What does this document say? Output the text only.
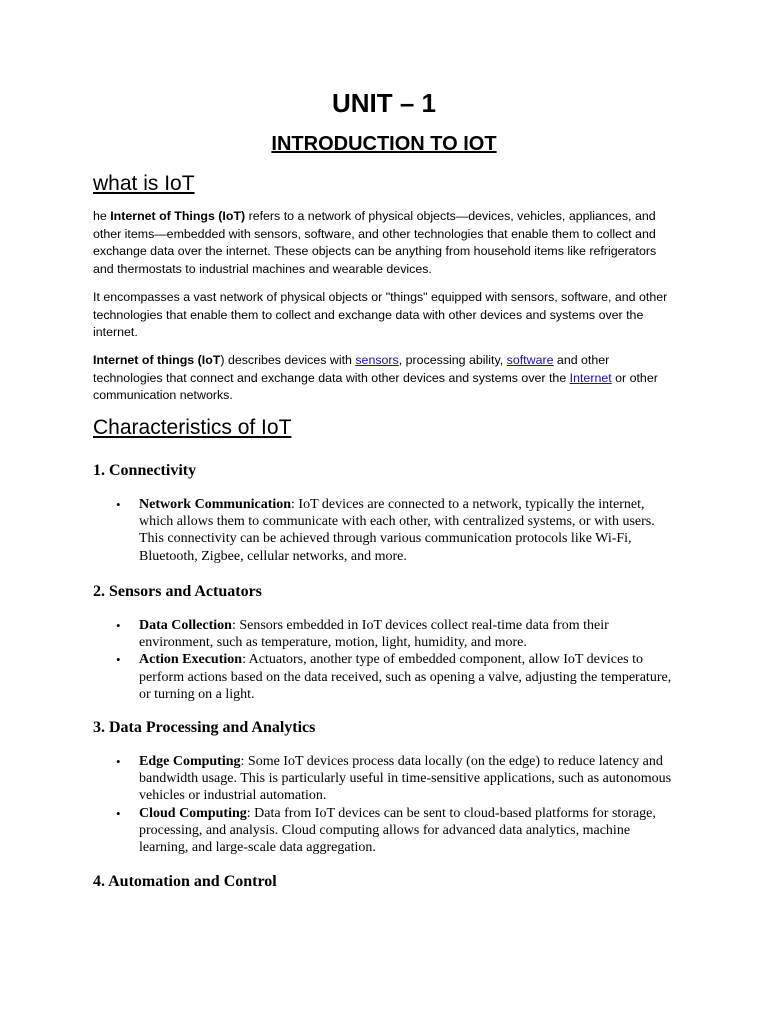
UNIT – 1
INTRODUCTION TO IOT
what is IoT

he Internet of Things (IoT) refers to a network of physical objects—devices, vehicles, appliances, and other items—embedded with sensors, software, and other technologies that enable them to collect and exchange data over the internet. These objects can be anything from household items like refrigerators and thermostats to industrial machines and wearable devices.

It encompasses a vast network of physical objects or "things" equipped with sensors, software, and other technologies that enable them to collect and exchange data with other devices and systems over the internet.

Internet of things (IoT) describes devices with sensors, processing ability, software and other technologies that connect and exchange data with other devices and systems over the Internet or other communication networks.

Characteristics of IoT
1. Connectivity
• Network Communication: IoT devices are connected to a network, typically the internet, which allows them to communicate with each other, with centralized systems, or with users. This connectivity can be achieved through various communication protocols like Wi-Fi, Bluetooth, Zigbee, cellular networks, and more.
2. Sensors and Actuators
• Data Collection: Sensors embedded in IoT devices collect real-time data from their environment, such as temperature, motion, light, humidity, and more.
• Action Execution: Actuators, another type of embedded component, allow IoT devices to perform actions based on the data received, such as opening a valve, adjusting the temperature, or turning on a light.
3. Data Processing and Analytics
• Edge Computing: Some IoT devices process data locally (on the edge) to reduce latency and bandwidth usage. This is particularly useful in time-sensitive applications, such as autonomous vehicles or industrial automation.
• Cloud Computing: Data from IoT devices can be sent to cloud-based platforms for storage, processing, and analysis. Cloud computing allows for advanced data analytics, machine learning, and large-scale data aggregation.
4. Automation and Control
